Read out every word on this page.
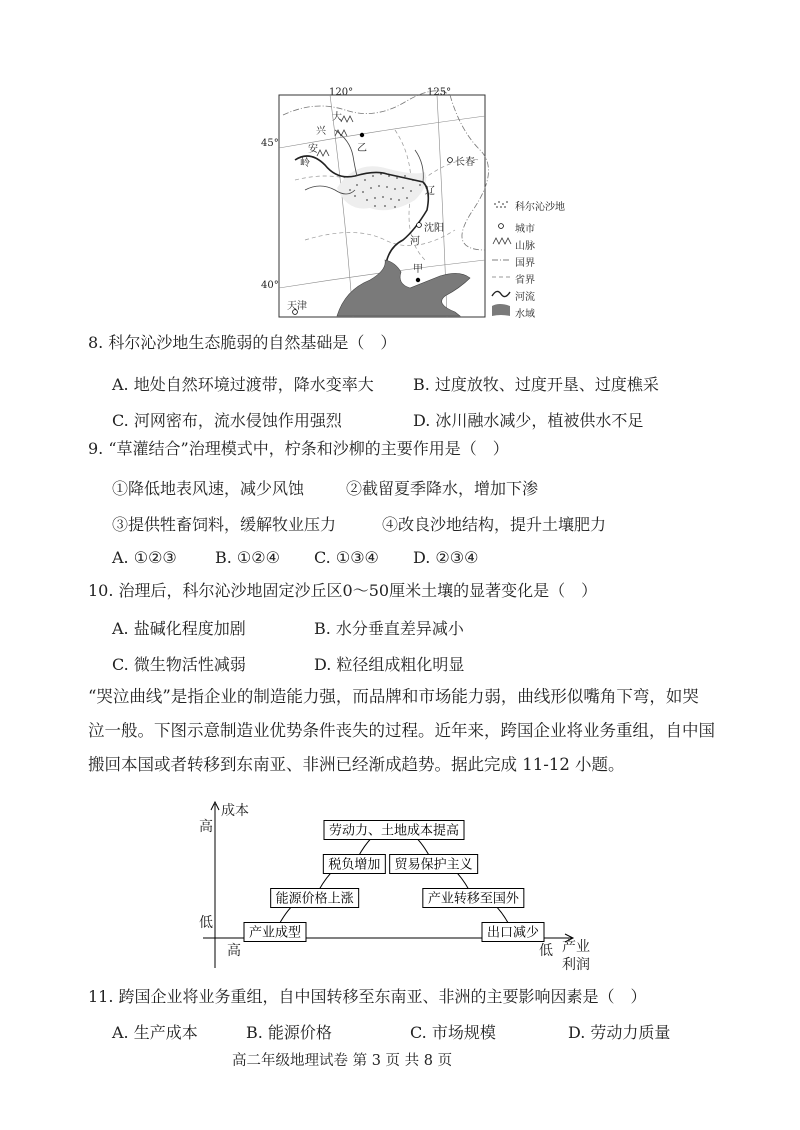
120°	125°
45°
40°
大
兴
安
岭
乙
长春
辽
河
沈阳
甲
天津
科尔沁沙地
城市
山脉
国界
省界
河流
水域
8. 科尔沁沙地生态脆弱的自然基础是（　）
A. 地处自然环境过渡带，降水变率大 B. 过度放牧、过度开垦、过度樵采
C. 河网密布，流水侵蚀作用强烈	D. 冰川融水减少，植被供水不足
9. “草灌结合”治理模式中，柠条和沙柳的主要作用是（　）
①降低地表风速，减少风蚀	②截留夏季降水，增加下渗
③提供牲畜饲料，缓解牧业压力	④改良沙地结构，提升土壤肥力
A. ①②③ B. ①②④ C. ①③④ D. ②③④
10. 治理后，科尔沁沙地固定沙丘区0～50厘米土壤的显著变化是（　）
A. 盐碱化程度加剧	B. 水分垂直差异减小
C. 微生物活性减弱	D. 粒径组成粗化明显
“哭泣曲线”是指企业的制造能力强，而品牌和市场能力弱，曲线形似嘴角下弯，如哭
泣一般。下图示意制造业优势条件丧失的过程。近年来，跨国企业将业务重组，自中国
搬回本国或者转移到东南亚、非洲已经渐成趋势。据此完成 11-12 小题。
产业成型
能源价格上涨
税负增加
劳动力、土地成本提高
贸易保护主义
产业转移至国外
出口减少
成本
高
低
高	低 产业
利润
11. 跨国企业将业务重组，自中国转移至东南亚、非洲的主要影响因素是（　）
A. 生产成本	B. 能源价格	C. 市场规模	D. 劳动力质量
高二年级地理试卷 第 3 页 共 8 页
